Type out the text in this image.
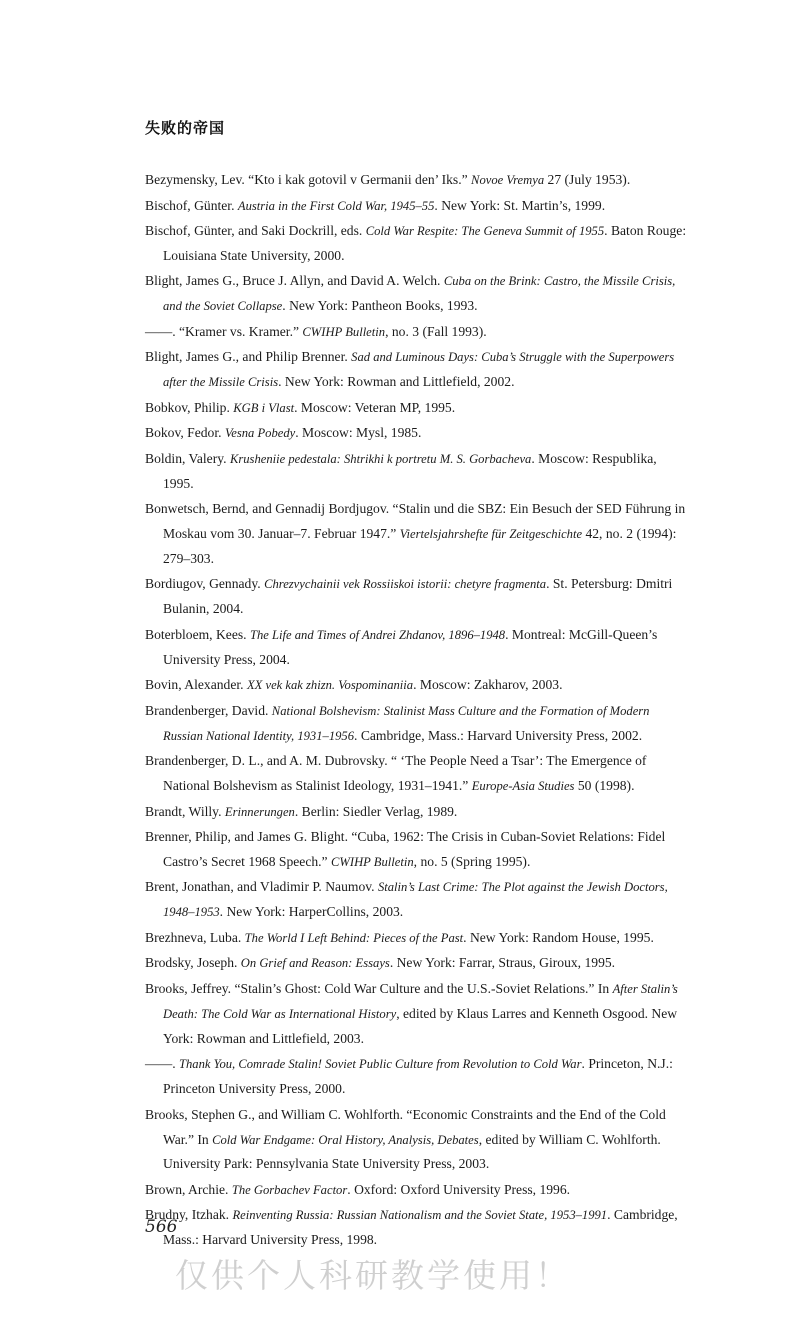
失败的帝国

Bezymensky, Lev. “Kto i kak gotovil v Germanii den’ Iks.” Novoe Vremya 27 (July 1953).

Bischof, Günter. Austria in the First Cold War, 1945–55. New York: St. Martin’s, 1999.

Bischof, Günter, and Saki Dockrill, eds. Cold War Respite: The Geneva Summit of 1955. Baton Rouge: Louisiana State University, 2000.

Blight, James G., Bruce J. Allyn, and David A. Welch. Cuba on the Brink: Castro, the Missile Crisis, and the Soviet Collapse. New York: Pantheon Books, 1993.

——. “Kramer vs. Kramer.” CWIHP Bulletin, no. 3 (Fall 1993).

Blight, James G., and Philip Brenner. Sad and Luminous Days: Cuba’s Struggle with the Superpowers after the Missile Crisis. New York: Rowman and Littlefield, 2002.

Bobkov, Philip. KGB i Vlast. Moscow: Veteran MP, 1995.

Bokov, Fedor. Vesna Pobedy. Moscow: Mysl, 1985.

Boldin, Valery. Krusheniie pedestala: Shtrikhi k portretu M. S. Gorbacheva. Moscow: Respublika, 1995.

Bonwetsch, Bernd, and Gennadij Bordjugov. “Stalin und die SBZ: Ein Besuch der SED Führung in Moskau vom 30. Januar–7. Februar 1947.” Viertelsjahrshefte für Zeitgeschichte 42, no. 2 (1994): 279–303.

Bordiugov, Gennady. Chrezvychainii vek Rossiiskoi istorii: chetyre fragmenta. St. Petersburg: Dmitri Bulanin, 2004.

Boterbloem, Kees. The Life and Times of Andrei Zhdanov, 1896–1948. Montreal: McGill-Queen’s University Press, 2004.

Bovin, Alexander. XX vek kak zhizn. Vospominaniia. Moscow: Zakharov, 2003.

Brandenberger, David. National Bolshevism: Stalinist Mass Culture and the Formation of Modern Russian National Identity, 1931–1956. Cambridge, Mass.: Harvard University Press, 2002.

Brandenberger, D. L., and A. M. Dubrovsky. “ ‘The People Need a Tsar’: The Emergence of National Bolshevism as Stalinist Ideology, 1931–1941.” Europe-Asia Studies 50 (1998).

Brandt, Willy. Erinnerungen. Berlin: Siedler Verlag, 1989.

Brenner, Philip, and James G. Blight. “Cuba, 1962: The Crisis in Cuban-Soviet Relations: Fidel Castro’s Secret 1968 Speech.” CWIHP Bulletin, no. 5 (Spring 1995).

Brent, Jonathan, and Vladimir P. Naumov. Stalin’s Last Crime: The Plot against the Jewish Doctors, 1948–1953. New York: HarperCollins, 2003.

Brezhneva, Luba. The World I Left Behind: Pieces of the Past. New York: Random House, 1995.

Brodsky, Joseph. On Grief and Reason: Essays. New York: Farrar, Straus, Giroux, 1995.

Brooks, Jeffrey. “Stalin’s Ghost: Cold War Culture and the U.S.-Soviet Relations.” In After Stalin’s Death: The Cold War as International History, edited by Klaus Larres and Kenneth Osgood. New York: Rowman and Littlefield, 2003.

——. Thank You, Comrade Stalin! Soviet Public Culture from Revolution to Cold War. Princeton, N.J.: Princeton University Press, 2000.

Brooks, Stephen G., and William C. Wohlforth. “Economic Constraints and the End of the Cold War.” In Cold War Endgame: Oral History, Analysis, Debates, edited by William C. Wohlforth. University Park: Pennsylvania State University Press, 2003.

Brown, Archie. The Gorbachev Factor. Oxford: Oxford University Press, 1996.

Brudny, Itzhak. Reinventing Russia: Russian Nationalism and the Soviet State, 1953–1991. Cambridge, Mass.: Harvard University Press, 1998.

566
仅供个人科研教学使用！
